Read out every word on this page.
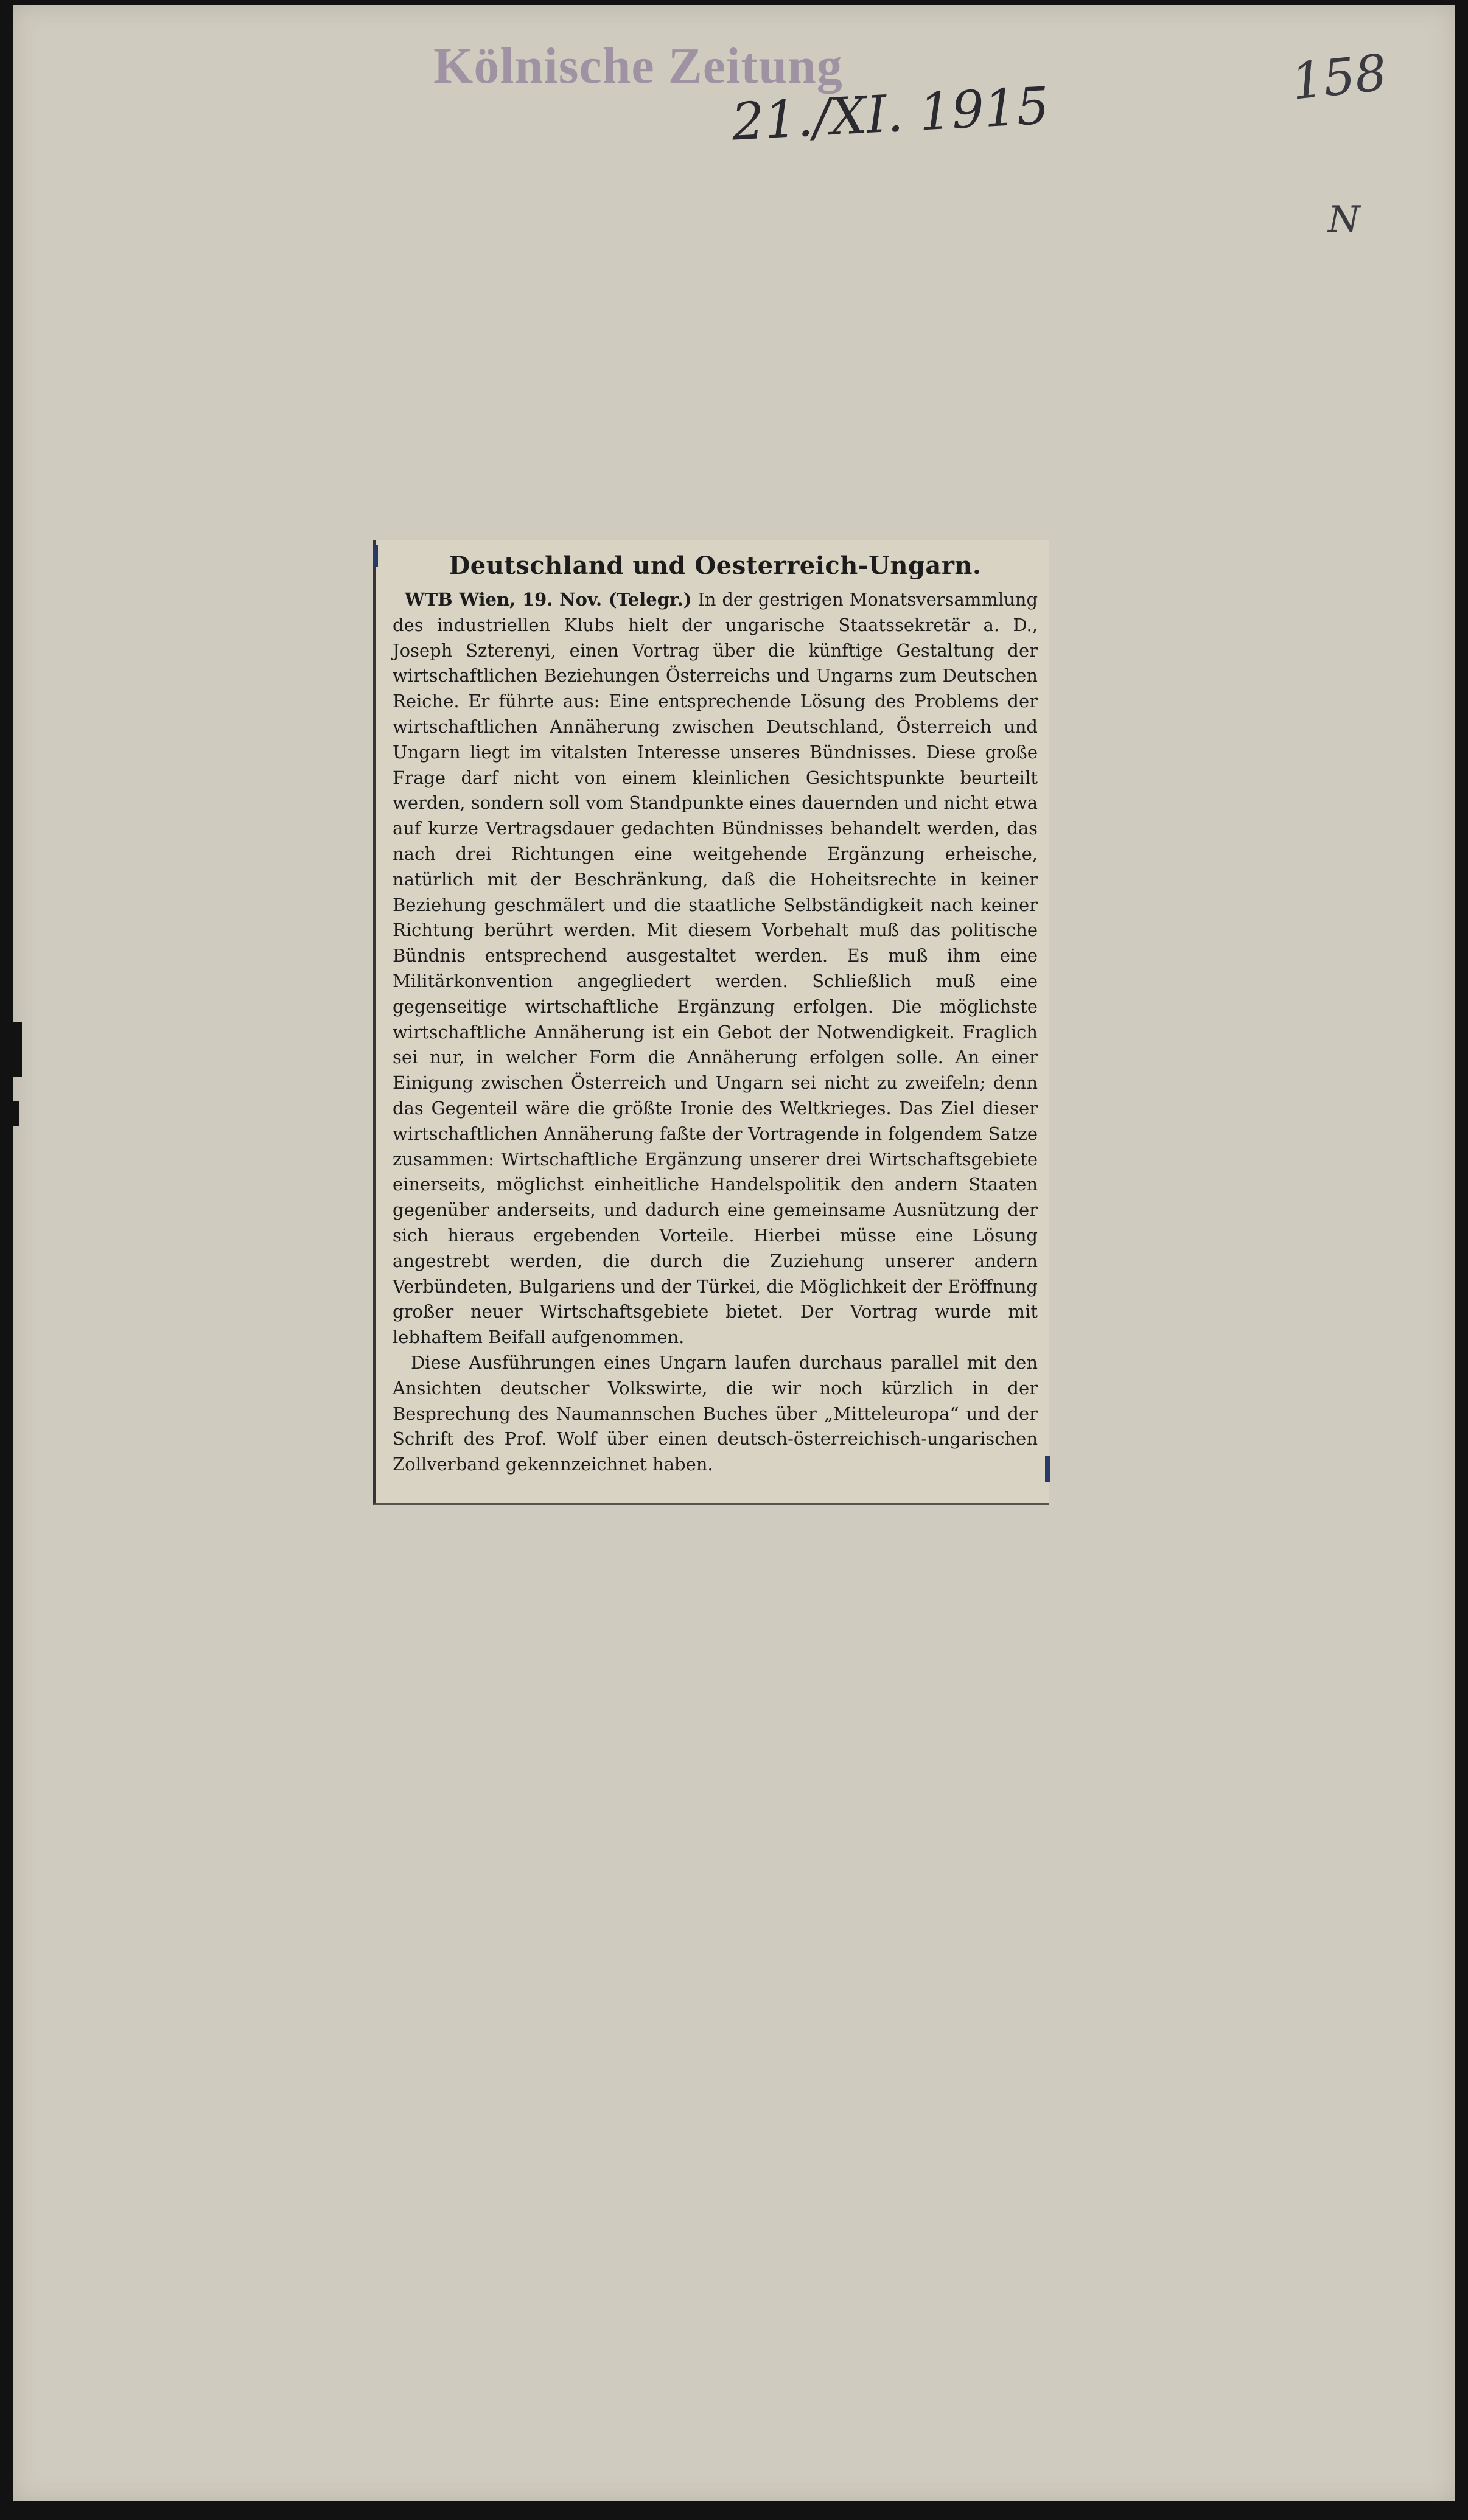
Kölnische Zeitung
21./XI. 1915	158
N
Deutschland und Oesterreich-Ungarn.

WTB Wien, 19. Nov. (Telegr.) In der gestrigen Monatsversammlung des industriellen Klubs hielt der ungarische Staatssekretär a. D., Joseph Szterenyi, einen Vortrag über die künftige Gestaltung der wirtschaftlichen Beziehungen Österreichs und Ungarns zum Deutschen Reiche. Er führte aus: Eine entsprechende Lösung des Problems der wirtschaftlichen Annäherung zwischen Deutschland, Österreich und Ungarn liegt im vitalsten Interesse unseres Bündnisses. Diese große Frage darf nicht von einem kleinlichen Gesichtspunkte beurteilt werden, sondern soll vom Standpunkte eines dauernden und nicht etwa auf kurze Vertragsdauer gedachten Bündnisses behandelt werden, das nach drei Richtungen eine weitgehende Ergänzung erheische, natürlich mit der Beschränkung, daß die Hoheitsrechte in keiner Beziehung geschmälert und die staatliche Selbständigkeit nach keiner Richtung berührt werden. Mit diesem Vorbehalt muß das politische Bündnis entsprechend ausgestaltet werden. Es muß ihm eine Militärkonvention angegliedert werden. Schließlich muß eine gegenseitige wirtschaftliche Ergänzung erfolgen. Die möglichste wirtschaftliche Annäherung ist ein Gebot der Notwendigkeit. Fraglich sei nur, in welcher Form die Annäherung erfolgen solle. An einer Einigung zwischen Österreich und Ungarn sei nicht zu zweifeln; denn das Gegenteil wäre die größte Ironie des Weltkrieges. Das Ziel dieser wirtschaftlichen Annäherung faßte der Vortragende in folgendem Satze zusammen: Wirtschaftliche Ergänzung unserer drei Wirtschaftsgebiete einerseits, möglichst einheitliche Handelspolitik den andern Staaten gegenüber anderseits, und dadurch eine gemeinsame Ausnützung der sich hieraus ergebenden Vorteile. Hierbei müsse eine Lösung angestrebt werden, die durch die Zuziehung unserer andern Verbündeten, Bulgariens und der Türkei, die Möglichkeit der Eröffnung großer neuer Wirtschaftsgebiete bietet. Der Vortrag wurde mit lebhaftem Beifall aufgenommen.

Diese Ausführungen eines Ungarn laufen durchaus parallel mit den Ansichten deutscher Volkswirte, die wir noch kürzlich in der Besprechung des Naumannschen Buches über „Mitteleuropa“ und der Schrift des Prof. Wolf über einen deutsch-österreichisch-ungarischen Zollverband gekennzeichnet haben.
